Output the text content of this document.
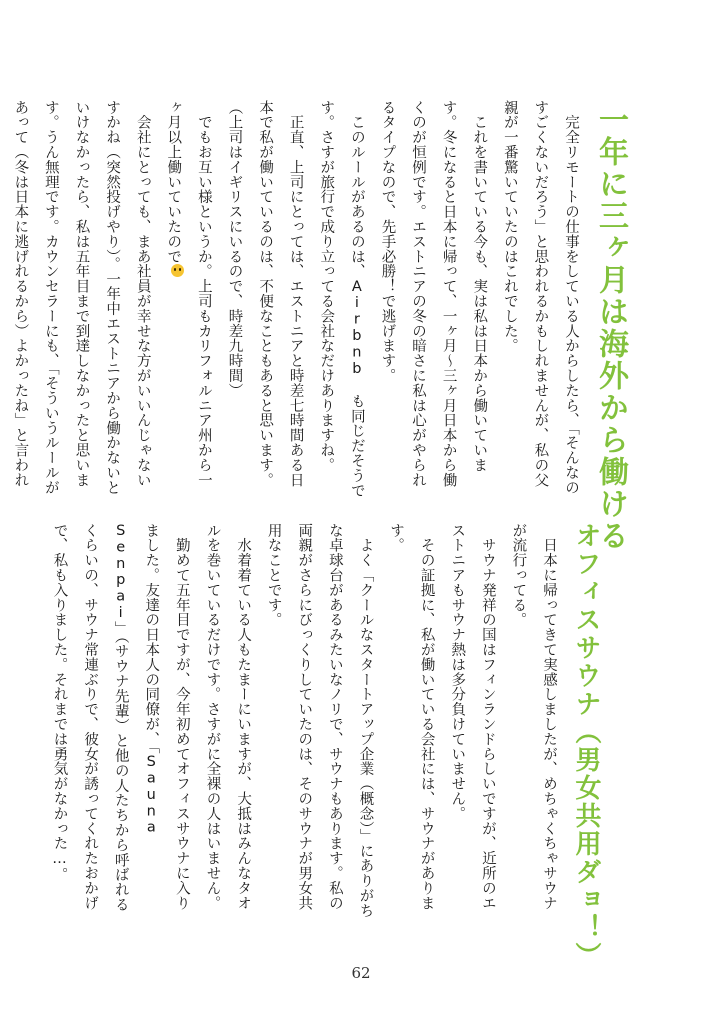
一年に三ヶ月は海外から働ける
　完全リモートの仕事をしている人からしたら、「そんなのすごくないだろう」と思われるかもしれませんが、私の父親が一番驚いていたのはこれでした。
　これを書いている今も、実は私は日本から働いています。冬になると日本に帰って、一ヶ月〜三ヶ月日本から働くのが恒例です。エストニアの冬の暗さに私は心がやられるタイプなので、先手必勝！で逃げます。
　このルールがあるのは、Airbnb も同じだそうです。さすが旅行で成り立ってる会社なだけありますね。
　正直、上司にとっては、エストニアと時差七時間ある日本で私が働いているのは、不便なこともあると思います。（上司はイギリスにいるので、時差九時間）
　でもお互い様というか。上司もカリフォルニア州から一ヶ月以上働いていたので
　会社にとっても、まあ社員が幸せな方がいいんじゃないすかね（突然投げやり）。一年中エストニアから働かないといけなかったら、私は五年目まで到達しなかったと思います。うん無理です。カウンセラーにも、「そういうルールがあって（冬は日本に逃げれるから）よかったね」と言われ
オフィスサウナ（男女共用ダョ！）
　日本に帰ってきて実感しましたが、めちゃくちゃサウナが流行ってる。
　サウナ発祥の国はフィンランドらしいですが、近所のエストニアもサウナ熱は多分負けていません。
　その証拠に、私が働いている会社には、サウナがあります。
　よく「クールなスタートアップ企業（概念）」にありがちな卓球台があるみたいなノリで、サウナもあります。私の両親がさらにびっくりしていたのは、そのサウナが男女共用なことです。
　水着着ている人もたまーにいますが、大抵はみんなタオルを巻いているだけです。さすがに全裸の人はいません。
　勤めて五年目ですが、今年初めてオフィスサウナに入りました。友達の日本人の同僚が、「Sauna Senpai」（サウナ先輩）と他の人たちから呼ばれるくらいの、サウナ常連ぶりで、彼女が誘ってくれたおかげで、私も入りました。それまでは勇気がなかった…。
62
